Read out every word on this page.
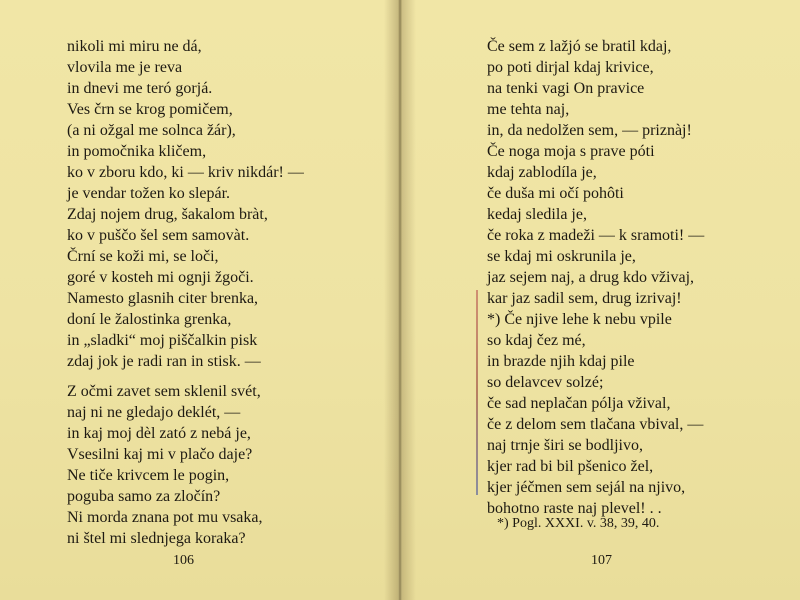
nikoli mi miru ne dá,
vlovila me je reva
in dnevi me teró gorjá.
Ves črn se krog pomičem,
(a ni ožgal me solnca žár),
in pomočnika kličem,
ko v zboru kdo, ki — kriv nikdár! —
je vendar tožen ko slepár.
Zdaj nojem drug, šakalom bràt,
ko v puščo šel sem samovàt.
Črní se koži mi, se loči,
goré v kosteh mi ognji žgoči.
Namesto glasnih citer brenka,
doní le žalostinka grenka,
in „sladki“ moj piščalkin pisk
zdaj jok je radi ran in stisk. —
Z očmi zavet sem sklenil svét,
naj ni ne gledajo deklét, —
in kaj moj dèl zató z nebá je,
Vsesilni kaj mi v plačo daje?
Ne tiče krivcem le pogin,
poguba samo za zločín?
Ni morda znana pot mu vsaka,
ni štel mi slednjega koraka?
106
Če sem z lažjó se bratil kdaj,
po poti dirjal kdaj krivice,
na tenki vagi On pravice
me tehta naj,
in, da nedolžen sem, — priznàj!
Če noga moja s prave póti
kdaj zablodíla je,
če duša mi očí pohôti
kedaj sledila je,
če roka z madeži — k sramoti! —
se kdaj mi oskrunila je,
jaz sejem naj, a drug kdo vživaj,
kar jaz sadil sem, drug izrivaj!
*) Če njive lehe k nebu vpile
so kdaj čez mé,
in brazde njih kdaj pile
so delavcev solzé;
če sad neplačan pólja vžival,
če z delom sem tlačana vbival, —
naj trnje širi se bodljivo,
kjer rad bi bil pšenico žel,
kjer jéčmen sem sejál na njivo,
bohotno raste naj plevel! . .
*) Pogl. XXXI. v. 38, 39, 40.
107
